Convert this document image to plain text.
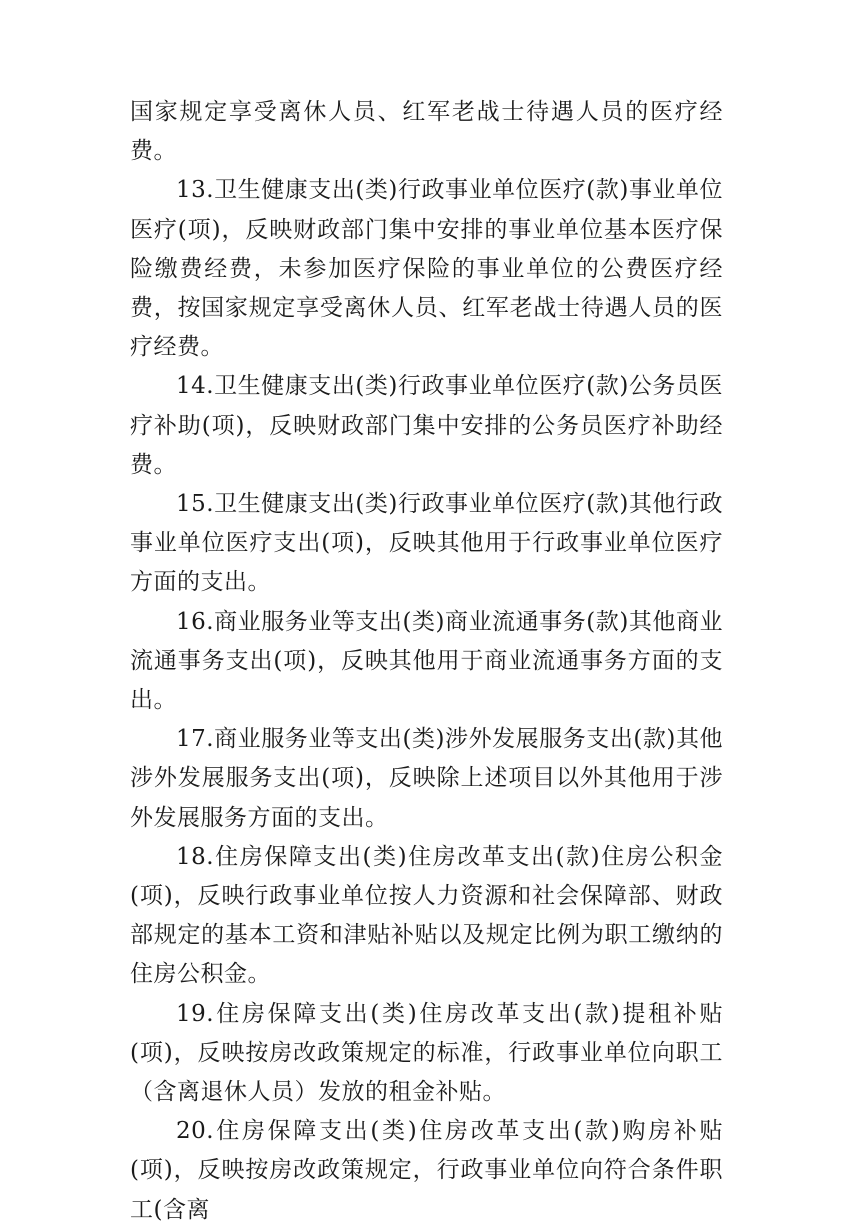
国家规定享受离休人员、红军老战士待遇人员的医疗经费。

13.卫生健康支出(类)行政事业单位医疗(款)事业单位医疗(项)，反映财政部门集中安排的事业单位基本医疗保险缴费经费，未参加医疗保险的事业单位的公费医疗经费，按国家规定享受离休人员、红军老战士待遇人员的医疗经费。

14.卫生健康支出(类)行政事业单位医疗(款)公务员医疗补助(项)，反映财政部门集中安排的公务员医疗补助经费。

15.卫生健康支出(类)行政事业单位医疗(款)其他行政事业单位医疗支出(项)，反映其他用于行政事业单位医疗方面的支出。

16.商业服务业等支出(类)商业流通事务(款)其他商业流通事务支出(项)，反映其他用于商业流通事务方面的支出。

17.商业服务业等支出(类)涉外发展服务支出(款)其他涉外发展服务支出(项)，反映除上述项目以外其他用于涉外发展服务方面的支出。

18.住房保障支出(类)住房改革支出(款)住房公积金(项)，反映行政事业单位按人力资源和社会保障部、财政部规定的基本工资和津贴补贴以及规定比例为职工缴纳的住房公积金。

19.住房保障支出(类)住房改革支出(款)提租补贴(项)，反映按房改政策规定的标准，行政事业单位向职工（含离退休人员）发放的租金补贴。

20.住房保障支出(类)住房改革支出(款)购房补贴(项)，反映按房改政策规定，行政事业单位向符合条件职工(含离
